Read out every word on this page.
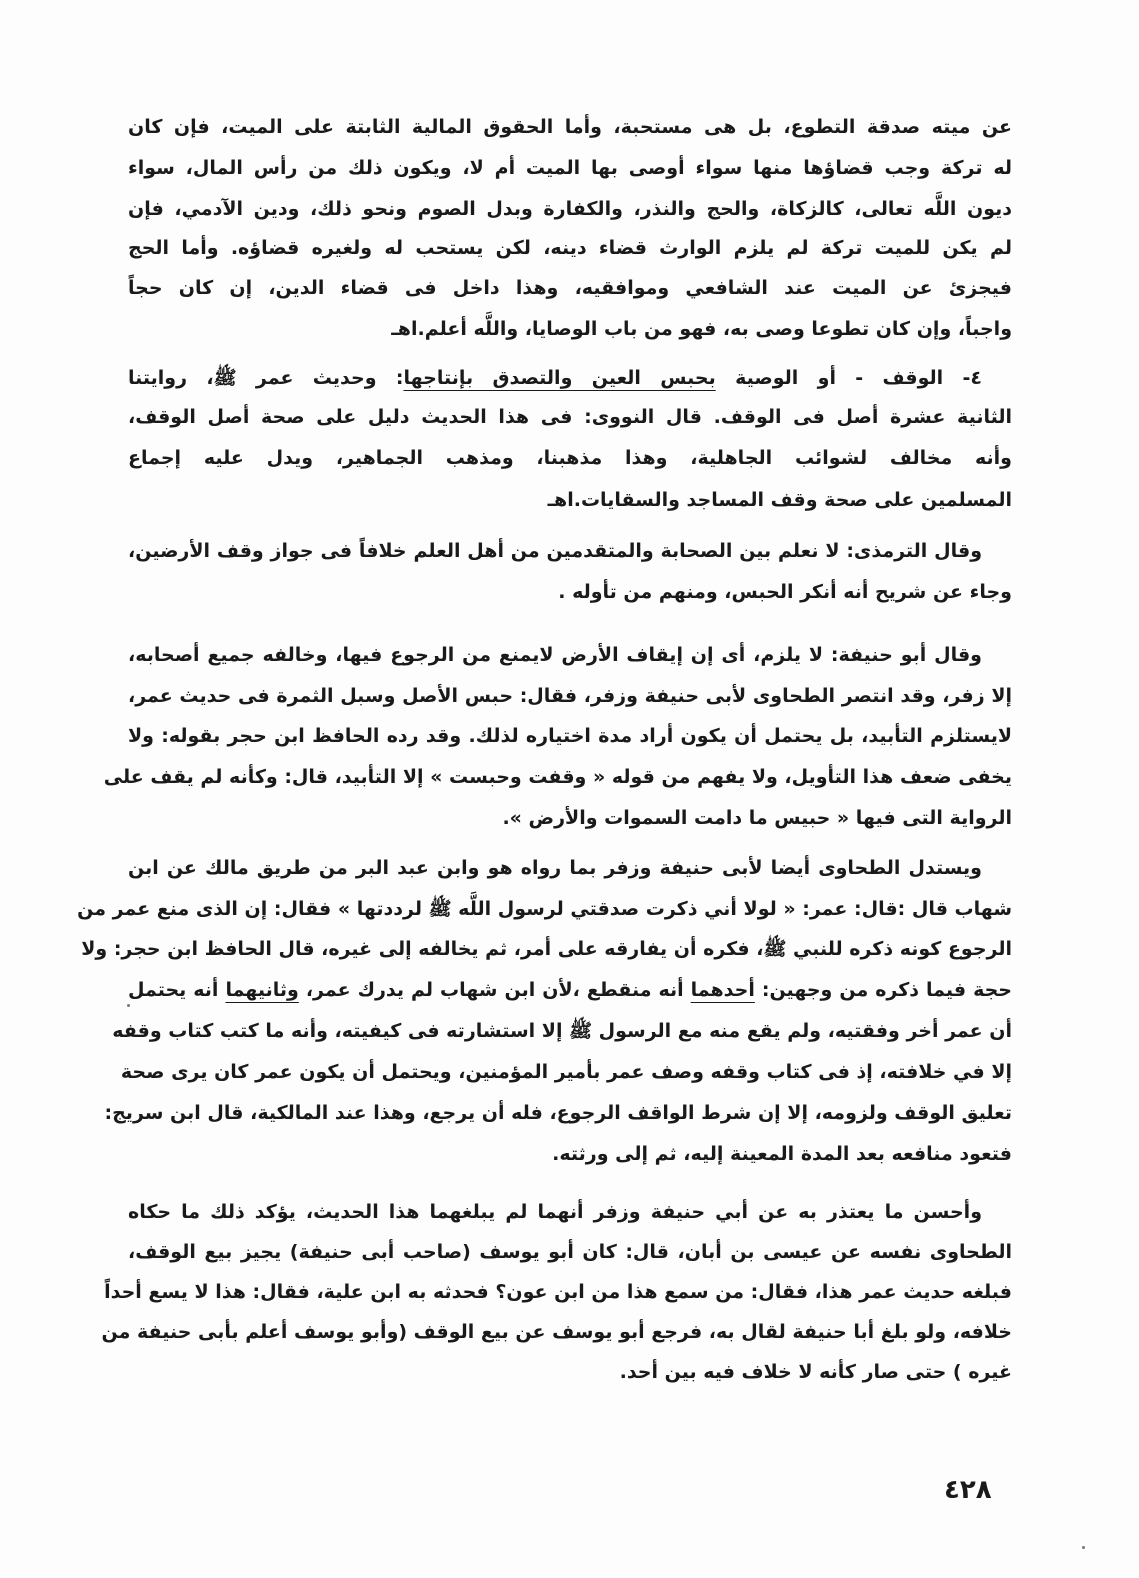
٤٢٨
عن ميته صدقة التطوع، بل هى مستحبة، وأما الحقوق المالية الثابتة على الميت، فإن كان
له تركة وجب قضاؤها منها سواء أوصى بها الميت أم لا، ويكون ذلك من رأس المال، سواء
ديون اللَّه تعالى، كالزكاة، والحج والنذر، والكفارة وبدل الصوم ونحو ذلك، ودين الآدمي، فإن
لم يكن للميت تركة لم يلزم الوارث قضاء دينه، لكن يستحب له ولغيره قضاؤه. وأما الحج
فيجزئ عن الميت عند الشافعي وموافقيه، وهذا داخل فى قضاء الدين، إن كان حجاً
واجباً، وإن كان تطوعا وصى به، فهو من باب الوصايا، واللَّه أعلم.اهـ
٤- الوقف - أو الوصية بحبس العين والتصدق بإنتاجها: وحديث عمر ﷺ، روايتنا
الثانية عشرة أصل فى الوقف. قال النووى: فى هذا الحديث دليل على صحة أصل الوقف،
وأنه مخالف لشوائب الجاهلية، وهذا مذهبنا، ومذهب الجماهير، ويدل عليه إجماع
المسلمين على صحة وقف المساجد والسقايات.اهـ
وقال الترمذى: لا نعلم بين الصحابة والمتقدمين من أهل العلم خلافاً فى جواز وقف الأرضين،
وجاء عن شريح أنه أنكر الحبس، ومنهم من تأوله .
وقال أبو حنيفة: لا يلزم، أى إن إيقاف الأرض لايمنع من الرجوع فيها، وخالفه جميع أصحابه،
إلا زفر، وقد انتصر الطحاوى لأبى حنيفة وزفر، فقال: حبس الأصل وسبل الثمرة فى حديث عمر،
لايستلزم التأبيد، بل يحتمل أن يكون أراد مدة اختياره لذلك. وقد رده الحافظ ابن حجر بقوله: ولا
يخفى ضعف هذا التأويل، ولا يفهم من قوله « وقفت وحبست » إلا التأبيد، قال: وكأنه لم يقف على
الرواية التى فيها « حبيس ما دامت السموات والأرض ».
ويستدل الطحاوى أيضا لأبى حنيفة وزفر بما رواه هو وابن عبد البر من طريق مالك عن ابن
شهاب قال :قال: عمر: « لولا أني ذكرت صدقتي لرسول اللَّه ﷺ لرددتها » فقال: إن الذى منع عمر من
الرجوع كونه ذكره للنبي ﷺ، فكره أن يفارقه على أمر، ثم يخالفه إلى غيره، قال الحافظ ابن حجر: ولا
حجة فيما ذكره من وجهين: أحدهما أنه منقطع ،لأن ابن شهاب لم يدرك عمر، وثانيهما أنه يحتمل
أن عمر أخر وفقتيه، ولم يقع منه مع الرسول ﷺ إلا استشارته فى كيفيته، وأنه ما كتب كتاب وقفه
إلا في خلافته، إذ فى كتاب وقفه وصف عمر بأمير المؤمنين، ويحتمل أن يكون عمر كان يرى صحة
تعليق الوقف ولزومه، إلا إن شرط الواقف الرجوع، فله أن يرجع، وهذا عند المالكية، قال ابن سريج:
فتعود منافعه بعد المدة المعينة إليه، ثم إلى ورثته.
وأحسن ما يعتذر به عن أبي حنيفة وزفر أنهما لم يبلغهما هذا الحديث، يؤكد ذلك ما حكاه
الطحاوى نفسه عن عيسى بن أبان، قال: كان أبو يوسف (صاحب أبى حنيفة) يجيز بيع الوقف،
فبلغه حديث عمر هذا، فقال: من سمع هذا من ابن عون؟ فحدثه به ابن علية، فقال: هذا لا يسع أحداً
خلافه، ولو بلغ أبا حنيفة لقال به، فرجع أبو يوسف عن بيع الوقف (وأبو يوسف أعلم بأبى حنيفة من
غيره ) حتى صار كأنه لا خلاف فيه بين أحد.
